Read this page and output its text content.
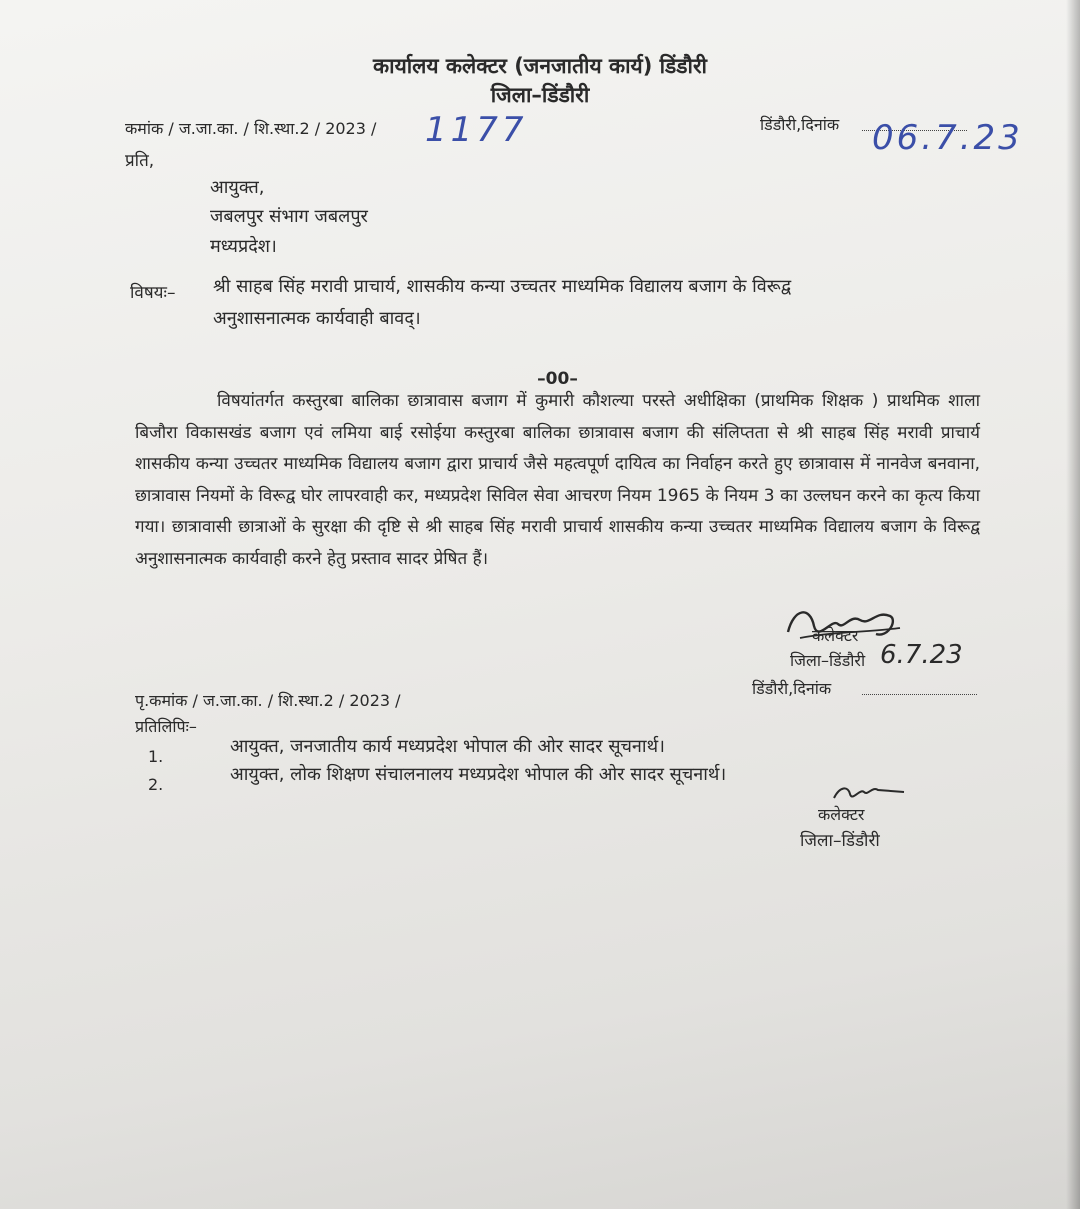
कार्यालय कलेक्टर (जनजातीय कार्य) डिंडौरी
जिला–डिंडौरी
कमांक / ज.जा.का. / शि.स्था.2 / 2023 / 1177	डिंडौरी,दिनांक 06.7.23
प्रति,
आयुक्त,
जबलपुर संभाग जबलपुर
मध्यप्रदेश।
विषयः– श्री साहब सिंह मरावी प्राचार्य, शासकीय कन्या उच्चतर माध्यमिक विद्यालय बजाग के विरूद्व
अनुशासनात्मक कार्यवाही बावद्।
–00–
विषयांतर्गत कस्तुरबा बालिका छात्रावास बजाग में कुमारी कौशल्या परस्ते अधीक्षिका (प्राथमिक शिक्षक ) प्राथमिक शाला बिजौरा विकासखंड बजाग एवं लमिया बाई रसोईया कस्तुरबा बालिका छात्रावास बजाग की संलिप्तता से श्री साहब सिंह मरावी प्राचार्य शासकीय कन्या उच्चतर माध्यमिक विद्यालय बजाग द्वारा प्राचार्य जैसे महत्वपूर्ण दायित्व का निर्वाहन करते हुए छात्रावास में नानवेज बनवाना, छात्रावास नियमों के विरूद्व घोर लापरवाही कर, मध्यप्रदेश सिविल सेवा आचरण नियम 1965 के नियम 3 का उल्लघन करने का कृत्य किया गया। छात्रावासी छात्राओं के सुरक्षा की दृष्टि से श्री साहब सिंह मरावी प्राचार्य शासकीय कन्या उच्चतर माध्यमिक विद्यालय बजाग के विरूद्व अनुशासनात्मक कार्यवाही करने हेतु प्रस्ताव सादर प्रेषित हैं।
कलेक्टर
जिला–डिंडौरी 6.7.23
डिंडौरी,दिनांक
पृ.कमांक / ज.जा.का. / शि.स्था.2 / 2023 /
प्रतिलिपिः–
1.	आयुक्त, जनजातीय कार्य मध्यप्रदेश भोपाल की ओर सादर सूचनार्थ।
2.	आयुक्त, लोक शिक्षण संचालनालय मध्यप्रदेश भोपाल की ओर सादर सूचनार्थ।
कलेक्टर
जिला–डिंडौरी
